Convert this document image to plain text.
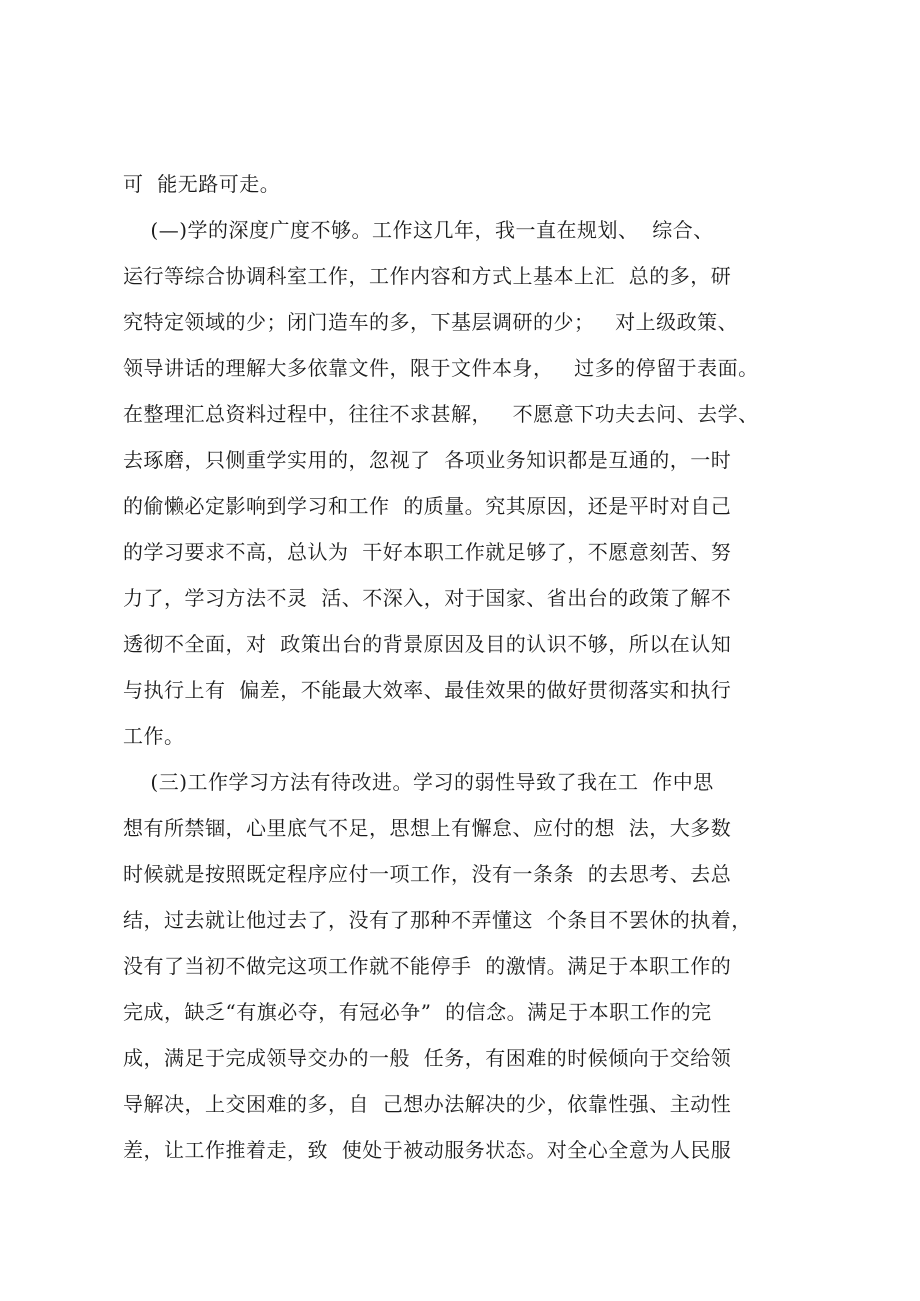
可  能无路可走。
(—)学的深度广度不够。工作这几年，我一直在规划、  综合、
运行等综合协调科室工作，工作内容和方式上基本上汇  总的多，研
究特定领域的少；闭门造车的多，下基层调研的少；   对上级政策、
领导讲话的理解大多依靠文件，限于文件本身，   过多的停留于表面。
在整理汇总资料过程中，往往不求甚解，   不愿意下功夫去问、去学、
去琢磨，只侧重学实用的，忽视了  各项业务知识都是互通的，一时
的偷懒必定影响到学习和工作  的质量。究其原因，还是平时对自己
的学习要求不高，总认为  干好本职工作就足够了，不愿意刻苦、努
力了，学习方法不灵  活、不深入，对于国家、省出台的政策了解不
透彻不全面，对  政策出台的背景原因及目的认识不够，所以在认知
与执行上有  偏差，不能最大效率、最佳效果的做好贯彻落实和执行
工作。
(三)工作学习方法有待改进。学习的弱性导致了我在工  作中思
想有所禁锢，心里底气不足，思想上有懈怠、应付的想  法，大多数
时候就是按照既定程序应付一项工作，没有一条条  的去思考、去总
结，过去就让他过去了，没有了那种不弄懂这  个条目不罢休的执着，
没有了当初不做完这项工作就不能停手  的激情。满足于本职工作的
完成，缺乏“有旗必夺，有冠必争”  的信念。满足于本职工作的完
成，满足于完成领导交办的一般  任务，有困难的时候倾向于交给领
导解决，上交困难的多，自  己想办法解决的少，依靠性强、主动性
差，让工作推着走，致  使处于被动服务状态。对全心全意为人民服
